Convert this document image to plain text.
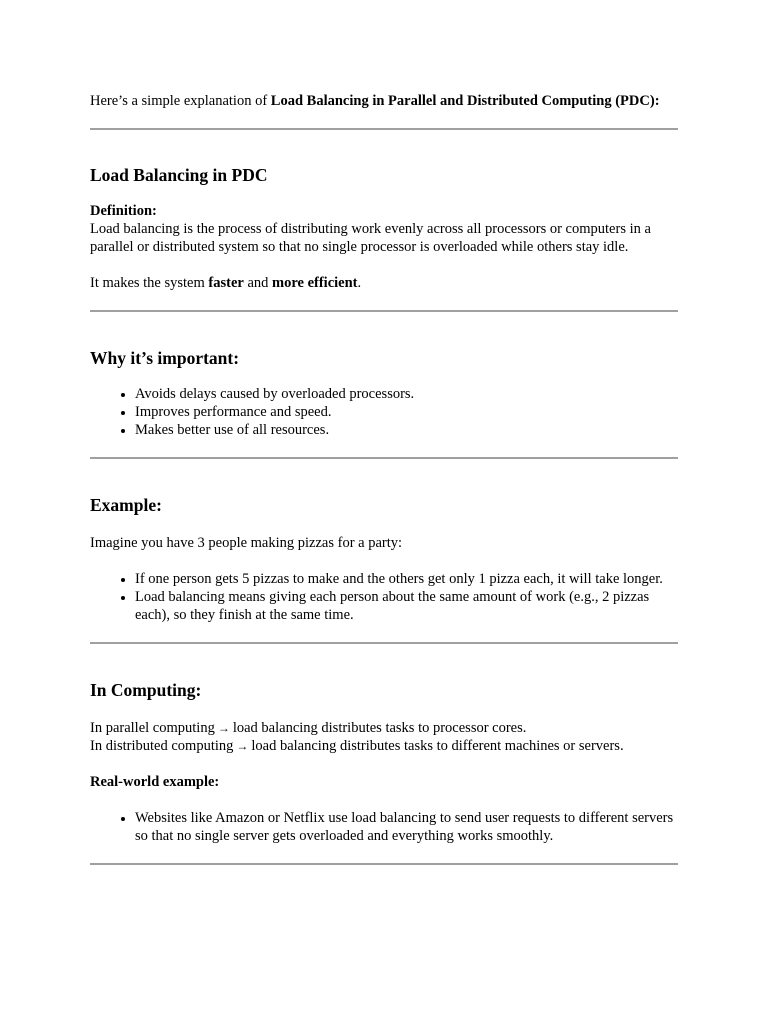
Here’s a simple explanation of Load Balancing in Parallel and Distributed Computing (PDC):

Load Balancing in PDC
Definition:

Load balancing is the process of distributing work evenly across all processors or computers in a parallel or distributed system so that no single processor is overloaded while others stay idle.

It makes the system faster and more efficient.

Why it’s important:
• Avoids delays caused by overloaded processors.
• Improves performance and speed.
• Makes better use of all resources.
Example:

Imagine you have 3 people making pizzas for a party:

• If one person gets 5 pizzas to make and the others get only 1 pizza each, it will take longer.
• Load balancing means giving each person about the same amount of work (e.g., 2 pizzas each), so they finish at the same time.
In Computing:

In parallel computing → load balancing distributes tasks to processor cores.

In distributed computing → load balancing distributes tasks to different machines or servers.

Real-world example:
• Websites like Amazon or Netflix use load balancing to send user requests to different servers so that no single server gets overloaded and everything works smoothly.
